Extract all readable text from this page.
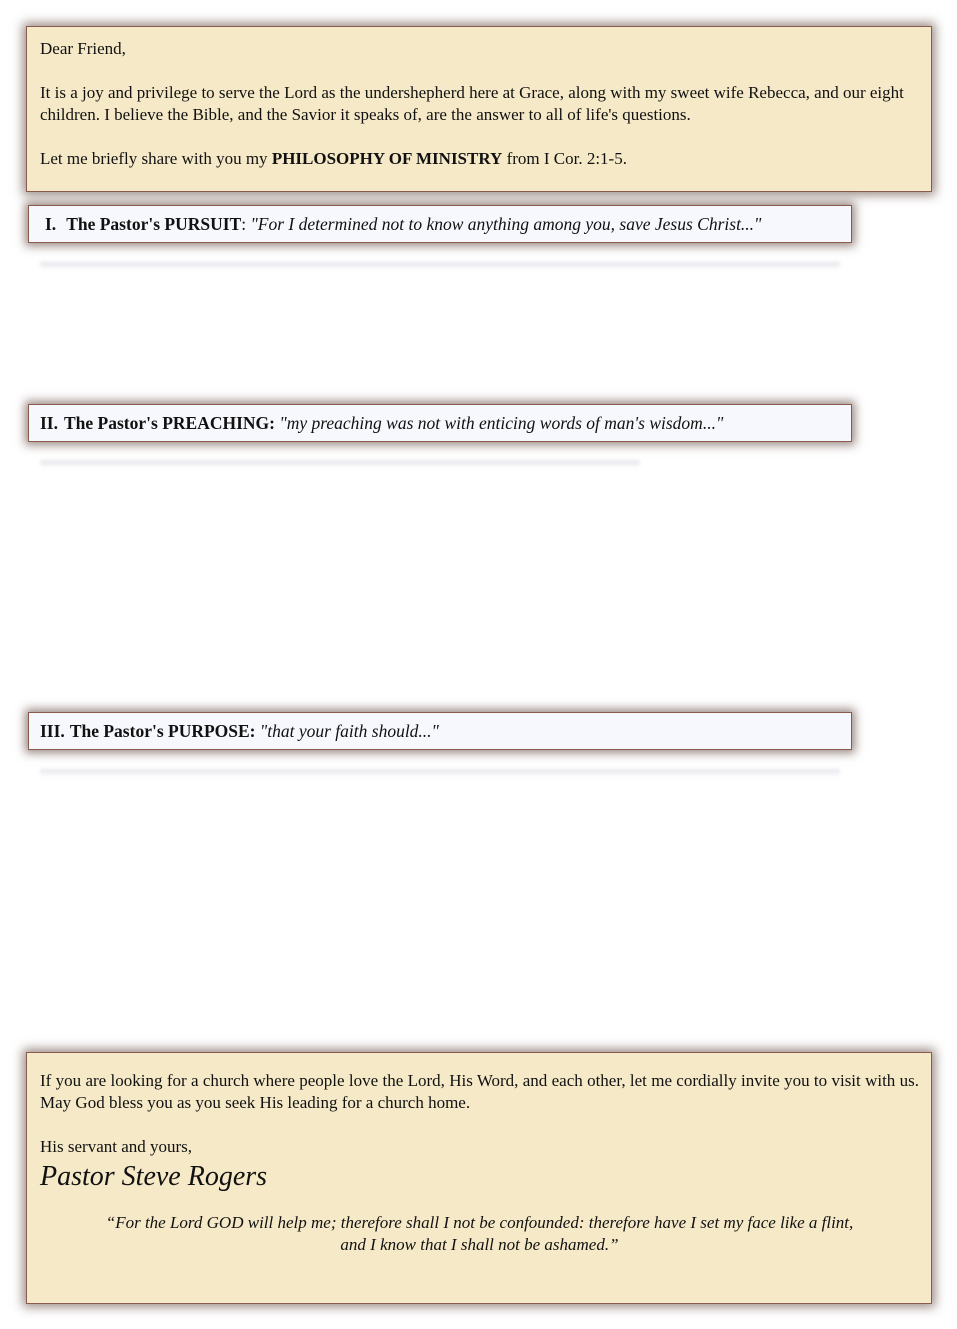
Dear Friend,

It is a joy and privilege to serve the Lord as the undershepherd here at Grace, along with my sweet wife Rebecca, and our eight children. I believe the Bible, and the Savior it speaks of, are the answer to all of life's questions.

Let me briefly share with you my PHILOSOPHY OF MINISTRY from I Cor. 2:1-5.

I. The Pastor's PURSUIT: "For I determined not to know anything among you, save Jesus Christ..."
II. The Pastor's PREACHING: "my preaching was not with enticing words of man's wisdom..."
III. The Pastor's PURPOSE: "that your faith should..."

If you are looking for a church where people love the Lord, His Word, and each other, let me cordially invite you to visit with us. May God bless you as you seek His leading for a church home.

His servant and yours,

Pastor Steve Rogers

“For the Lord GOD will help me; therefore shall I not be confounded: therefore have I set my face like a flint,
and I know that I shall not be ashamed.”
